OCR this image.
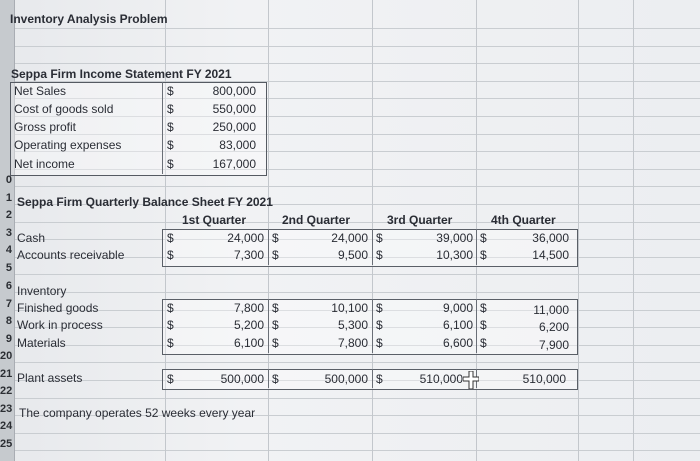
0
1
2
3
4
5
6
7
8
9
20
21
22
23
24
25
Inventory Analysis Problem
Seppa Firm Income Statement FY 2021
Net Sales	$	800,000
Cost of goods sold	$	550,000
Gross profit	$	250,000
Operating expenses	$	83,000
Net income	$	167,000
Seppa Firm Quarterly Balance Sheet FY 2021
1st Quarter	2nd Quarter	3rd Quarter	4th Quarter
Cash	$	24,000 $	24,000 $	39,000 $	36,000
Accounts receivable	$	7,300 $	9,500 $	10,300 $	14,500
Inventory
Finished goods	$	7,800 $	10,100 $	9,000 $	11,000
Work in process	$	5,200 $	5,300 $	6,100 $	6,200
Materials	$	6,100 $	7,800 $	6,600 $	7,900
Plant assets	$	500,000 $	500,000 $	510,000	510,000
The company operates 52 weeks every year
